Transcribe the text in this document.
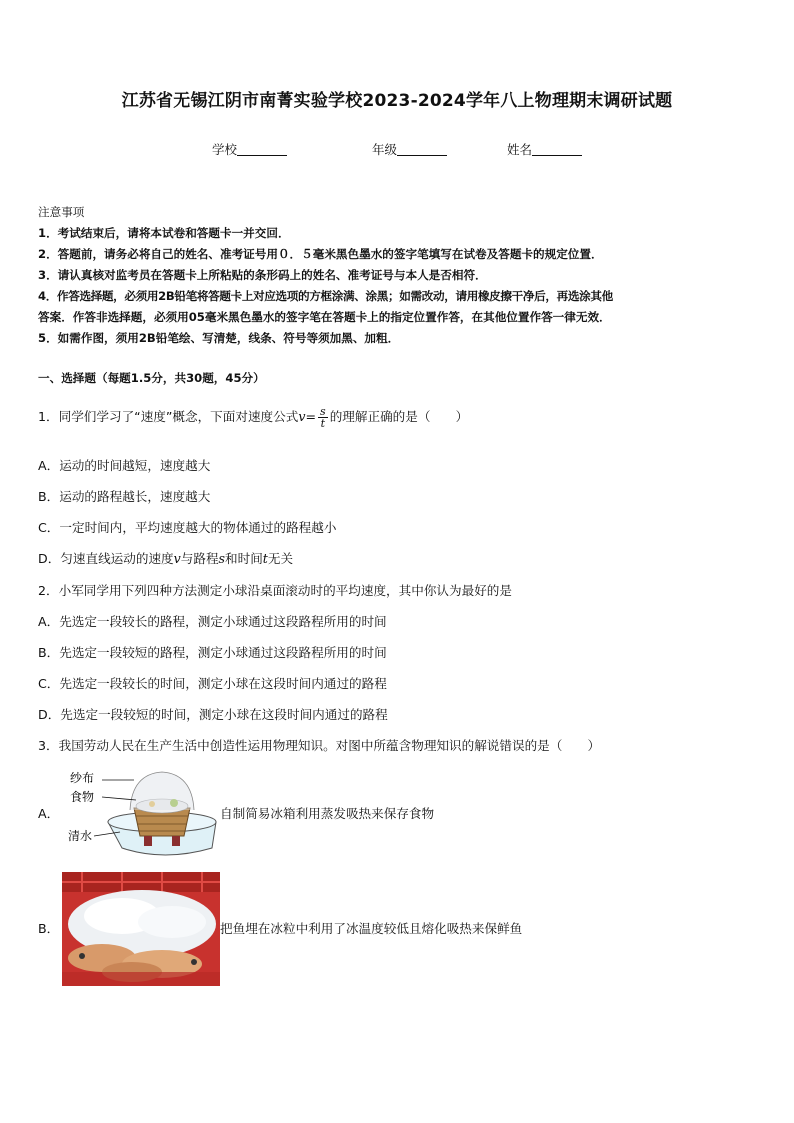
江苏省无锡江阴市南菁实验学校2023-2024学年八上物理期末调研试题
学校	年级	姓名
注意事项
1．考试结束后，请将本试卷和答题卡一并交回．
2．答题前，请务必将自己的姓名、准考证号用０．５毫米黑色墨水的签字笔填写在试卷及答题卡的规定位置．
3．请认真核对监考员在答题卡上所粘贴的条形码上的姓名、准考证号与本人是否相符．
4．作答选择题，必须用2B铅笔将答题卡上对应选项的方框涂满、涂黑；如需改动，请用橡皮擦干净后，再选涂其他
答案．作答非选择题，必须用05毫米黑色墨水的签字笔在答题卡上的指定位置作答，在其他位置作答一律无效．
5．如需作图，须用2B铅笔绘、写清楚，线条、符号等须加黑、加粗．
一、选择题（每题1.5分，共30题，45分）
1．同学们学习了“速度”概念，下面对速度公式$v= \frac{s}{t}$ 的理解正确的是（　　）
A．运动的时间越短，速度越大
B．运动的路程越长，速度越大
C．一定时间内，平均速度越大的物体通过的路程越小
D．匀速直线运动的速度v与路程s和时间t无关
2．小军同学用下列四种方法测定小球沿桌面滚动时的平均速度，其中你认为最好的是
A．先选定一段较长的路程，测定小球通过这段路程所用的时间
B．先选定一段较短的路程，测定小球通过这段路程所用的时间
C．先选定一段较长的时间，测定小球在这段时间内通过的路程
D．先选定一段较短的时间，测定小球在这段时间内通过的路程
3．我国劳动人民在生产生活中创造性运用物理知识。对图中所蕴含物理知识的解说错误的是（　　）
A．
纱布
食物
清水
自制简易冰箱利用蒸发吸热来保存食物
B．	把鱼埋在冰粒中利用了冰温度较低且熔化吸热来保鲜鱼
